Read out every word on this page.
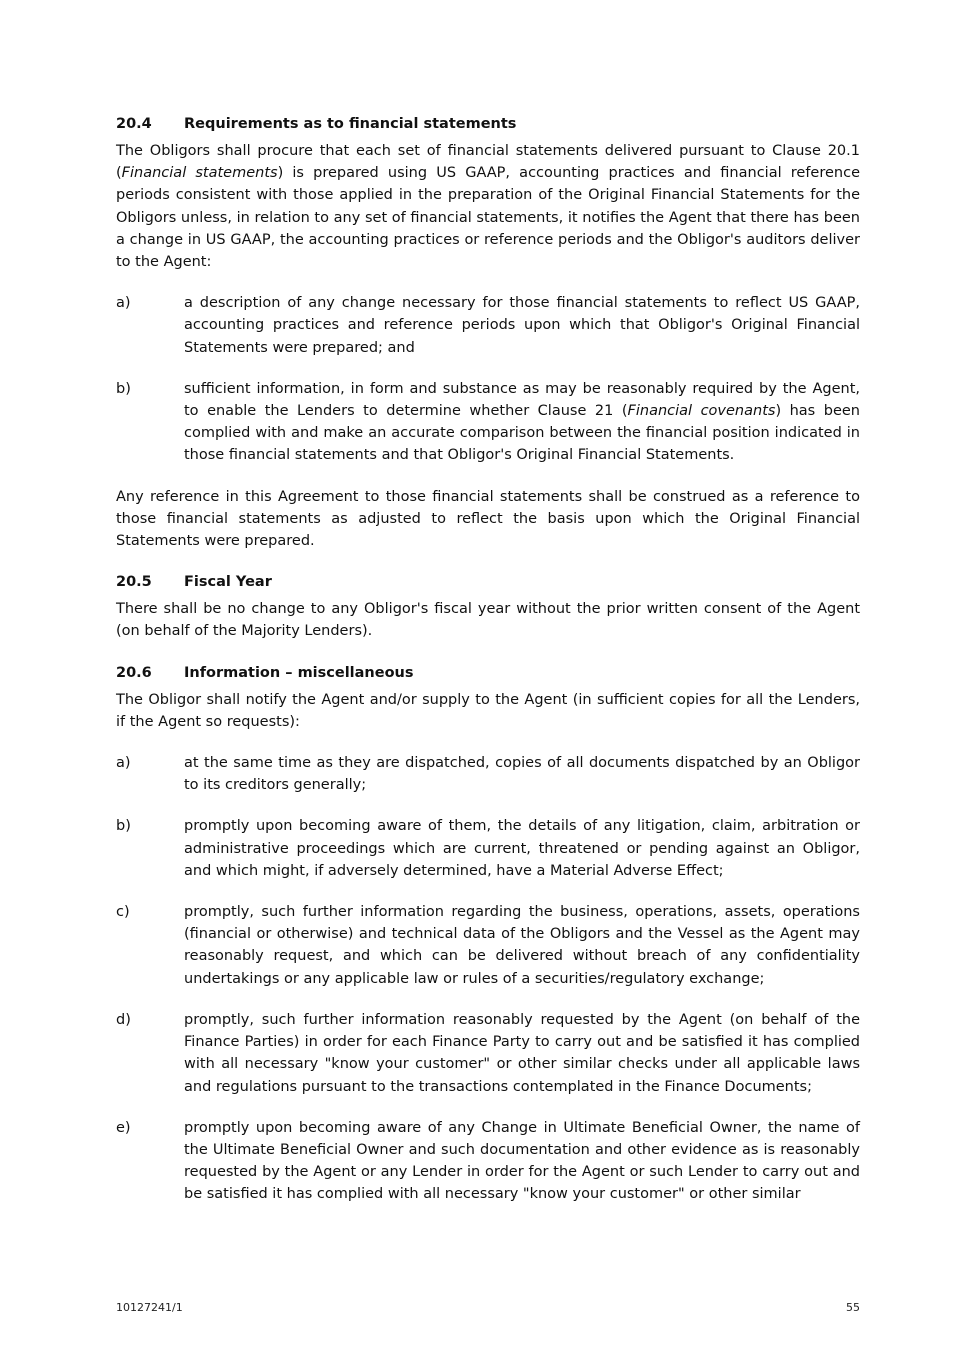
20.4	Requirements as to financial statements

The Obligors shall procure that each set of financial statements delivered pursuant to Clause 20.1 (Financial statements) is prepared using US GAAP, accounting practices and financial reference periods consistent with those applied in the preparation of the Original Financial Statements for the Obligors unless, in relation to any set of financial statements, it notifies the Agent that there has been a change in US GAAP, the accounting practices or reference periods and the Obligor's auditors deliver to the Agent:

a)	a description of any change necessary for those financial statements to reflect US GAAP, accounting practices and reference periods upon which that Obligor's Original Financial Statements were prepared; and
b)	sufficient information, in form and substance as may be reasonably required by the Agent, to enable the Lenders to determine whether Clause 21 (Financial covenants) has been complied with and make an accurate comparison between the financial position indicated in those financial statements and that Obligor's Original Financial Statements.

Any reference in this Agreement to those financial statements shall be construed as a reference to those financial statements as adjusted to reflect the basis upon which the Original Financial Statements were prepared.

20.5	Fiscal Year

There shall be no change to any Obligor's fiscal year without the prior written consent of the Agent (on behalf of the Majority Lenders).

20.6	Information – miscellaneous

The Obligor shall notify the Agent and/or supply to the Agent (in sufficient copies for all the Lenders, if the Agent so requests):

a)	at the same time as they are dispatched, copies of all documents dispatched by an Obligor to its creditors generally;
b)	promptly upon becoming aware of them, the details of any litigation, claim, arbitration or administrative proceedings which are current, threatened or pending against an Obligor, and which might, if adversely determined, have a Material Adverse Effect;
c)	promptly, such further information regarding the business, operations, assets, operations (financial or otherwise) and technical data of the Obligors and the Vessel as the Agent may reasonably request, and which can be delivered without breach of any confidentiality undertakings or any applicable law or rules of a securities/regulatory exchange;
d)	promptly, such further information reasonably requested by the Agent (on behalf of the Finance Parties) in order for each Finance Party to carry out and be satisfied it has complied with all necessary "know your customer" or other similar checks under all applicable laws and regulations pursuant to the transactions contemplated in the Finance Documents;
e)	promptly upon becoming aware of any Change in Ultimate Beneficial Owner, the name of the Ultimate Beneficial Owner and such documentation and other evidence as is reasonably requested by the Agent or any Lender in order for the Agent or such Lender to carry out and be satisfied it has complied with all necessary "know your customer" or other similar
10127241/1	55
